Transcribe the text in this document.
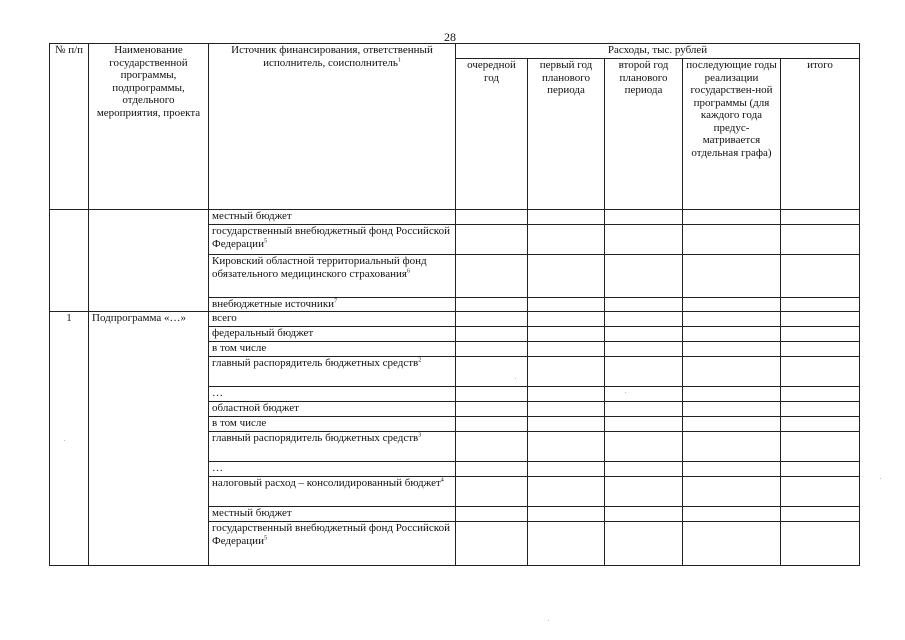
28
№ п/п	Наименование государственной программы, подпрограммы, отдельного мероприятия, проекта	Источник финансирования, ответственный исполнитель, соисполнитель$^1$	Расходы, тыс. рублей				
			очередной год	первый год планового периода	второй год планового периода	последующие годы реализации государствен-ной программы (для каждого года предус-матривается отдельная графа)	итого
		местный бюджет					
		государственный внебюджетный фонд Российской Федерации$^5$					
		Кировский областной территориальный фонд обязательного медицинского страхования$^6$					
		внебюджетные источники$^7$					
1	Подпрограмма «…»	всего					
		федеральный бюджет					
		в том числе					
		главный распорядитель бюджетных средств$^2$					
		…					
		областной бюджет					
		в том числе					
		главный распорядитель бюджетных средств$^3$					
		…					
		налоговый расход – консолидированный бюджет$^4$					
		местный бюджет					
		государственный внебюджетный фонд Российской Федерации$^5$					
